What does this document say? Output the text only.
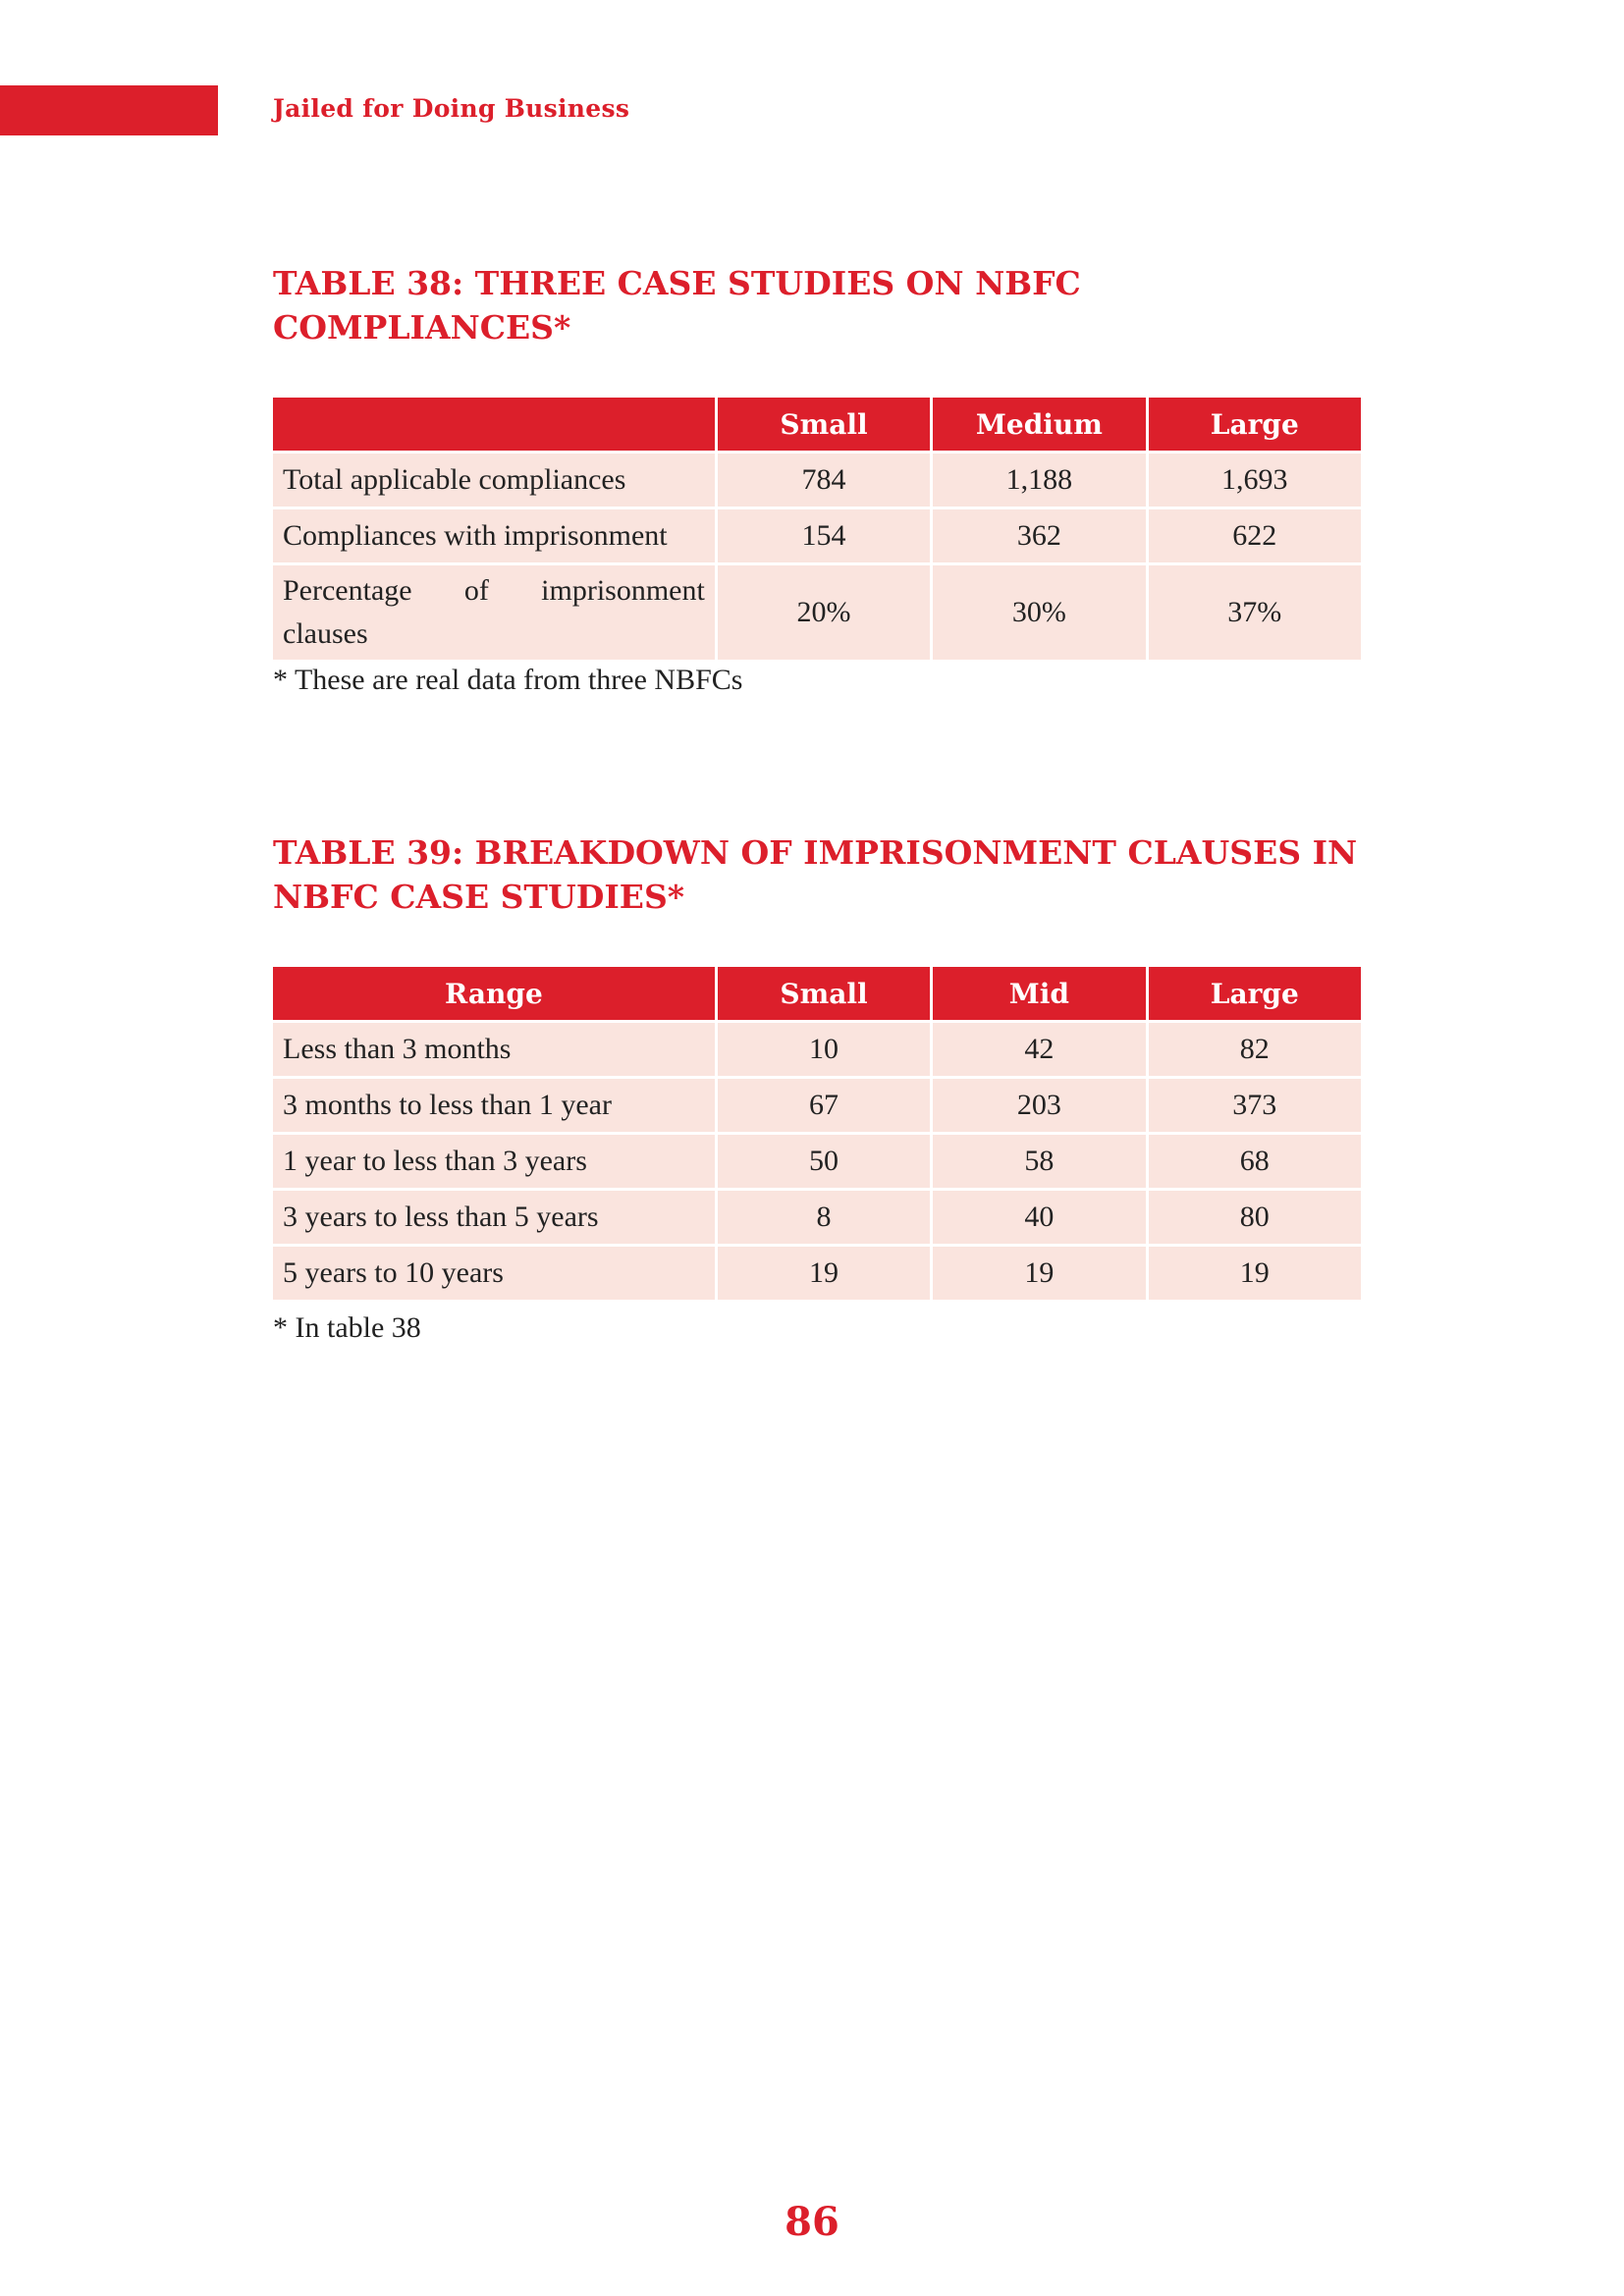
Jailed for Doing Business
TABLE 38: THREE CASE STUDIES ON NBFC
COMPLIANCES*
	Small	Medium	Large
Total applicable compliances	784	1,188	1,693
Compliances with imprisonment	154	362	622
Percentage of imprisonment clauses	20%	30%	37%
* These are real data from three NBFCs
TABLE 39: BREAKDOWN OF IMPRISONMENT CLAUSES IN
NBFC CASE STUDIES*
Range	Small	Mid	Large
Less than 3 months	10	42	82
3 months to less than 1 year	67	203	373
1 year to less than 3 years	50	58	68
3 years to less than 5 years	8	40	80
5 years to 10 years	19	19	19
* In table 38
86
